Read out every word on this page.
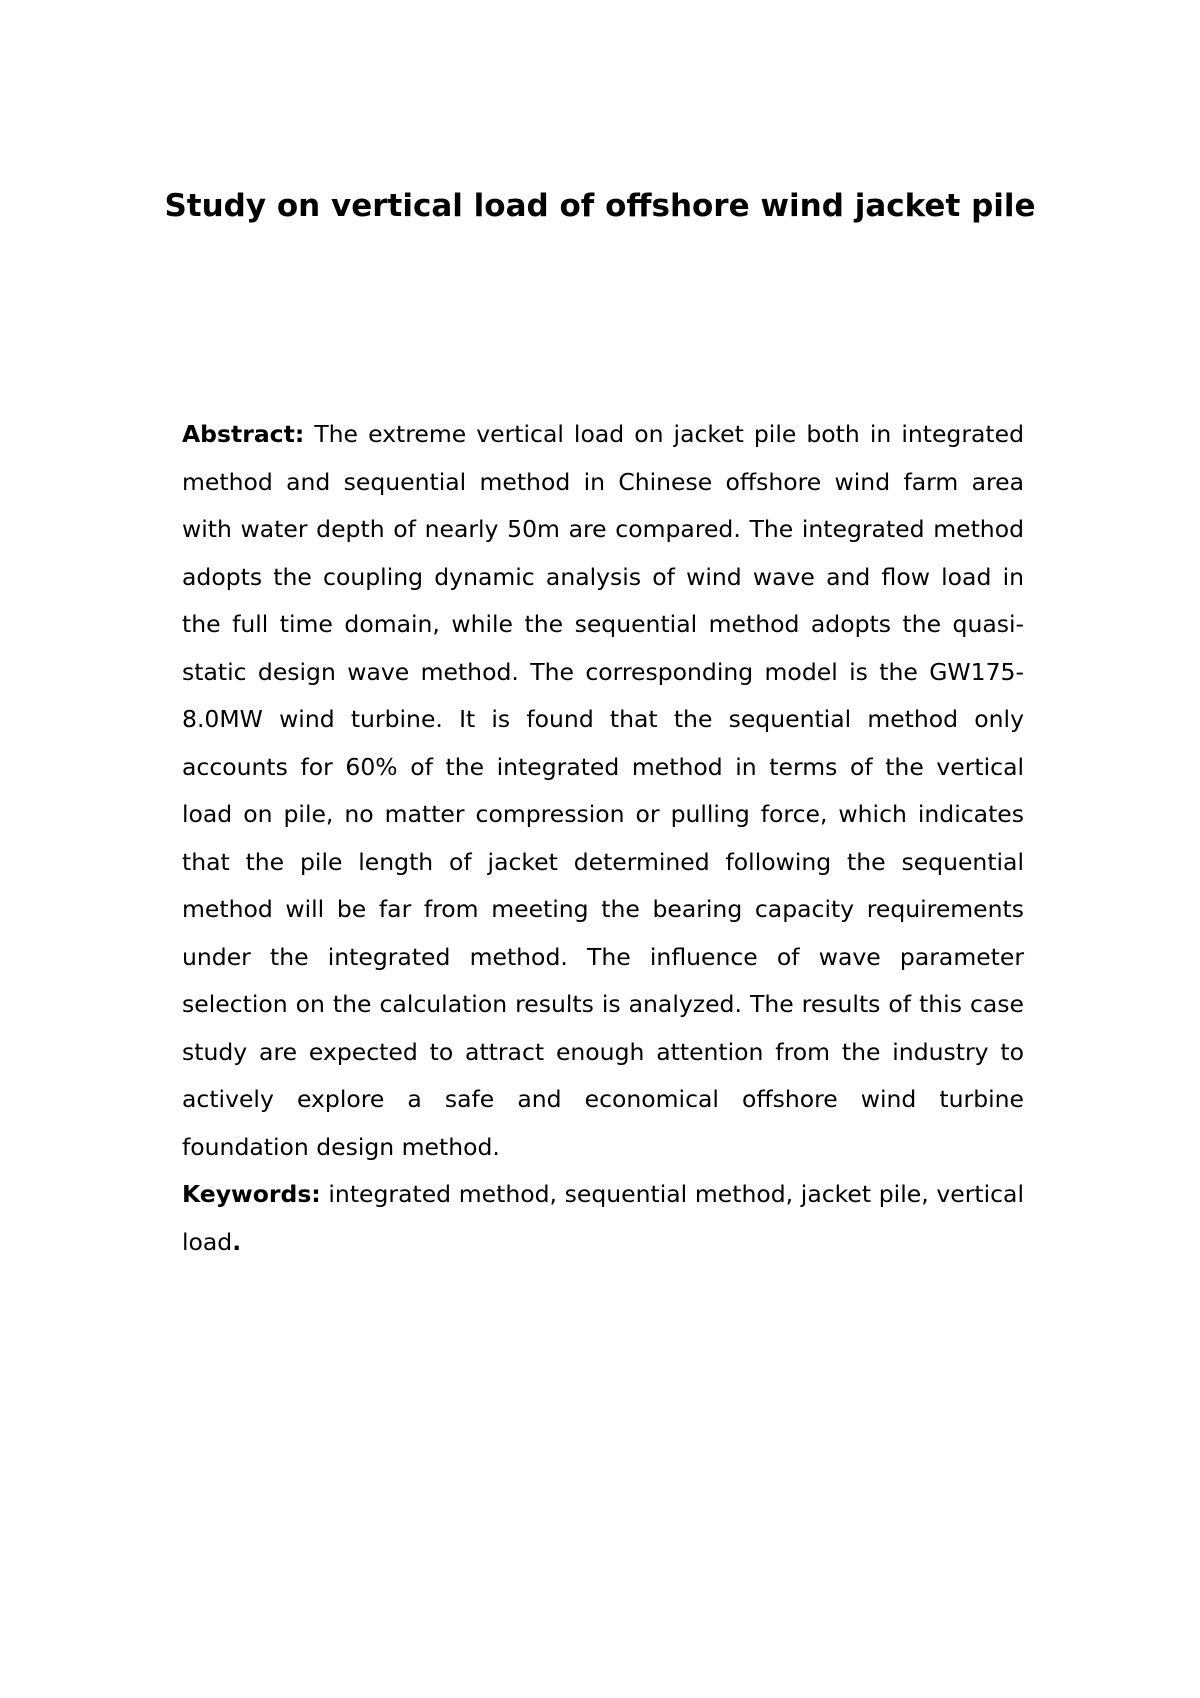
Study on vertical load of offshore wind jacket pile

Abstract: The extreme vertical load on jacket pile both in integrated method and sequential method in Chinese offshore wind farm area with water depth of nearly 50m are compared. The integrated method adopts the coupling dynamic analysis of wind wave and flow load in the full time domain, while the sequential method adopts the quasi-static design wave method. The corresponding model is the GW175-8.0MW wind turbine. It is found that the sequential method only accounts for 60% of the integrated method in terms of the vertical load on pile, no matter compression or pulling force, which indicates that the pile length of jacket determined following the sequential method will be far from meeting the bearing capacity requirements under the integrated method. The influence of wave parameter selection on the calculation results is analyzed. The results of this case study are expected to attract enough attention from the industry to actively explore a safe and economical offshore wind turbine foundation design method.

Keywords: integrated method, sequential method, jacket pile, vertical load.
